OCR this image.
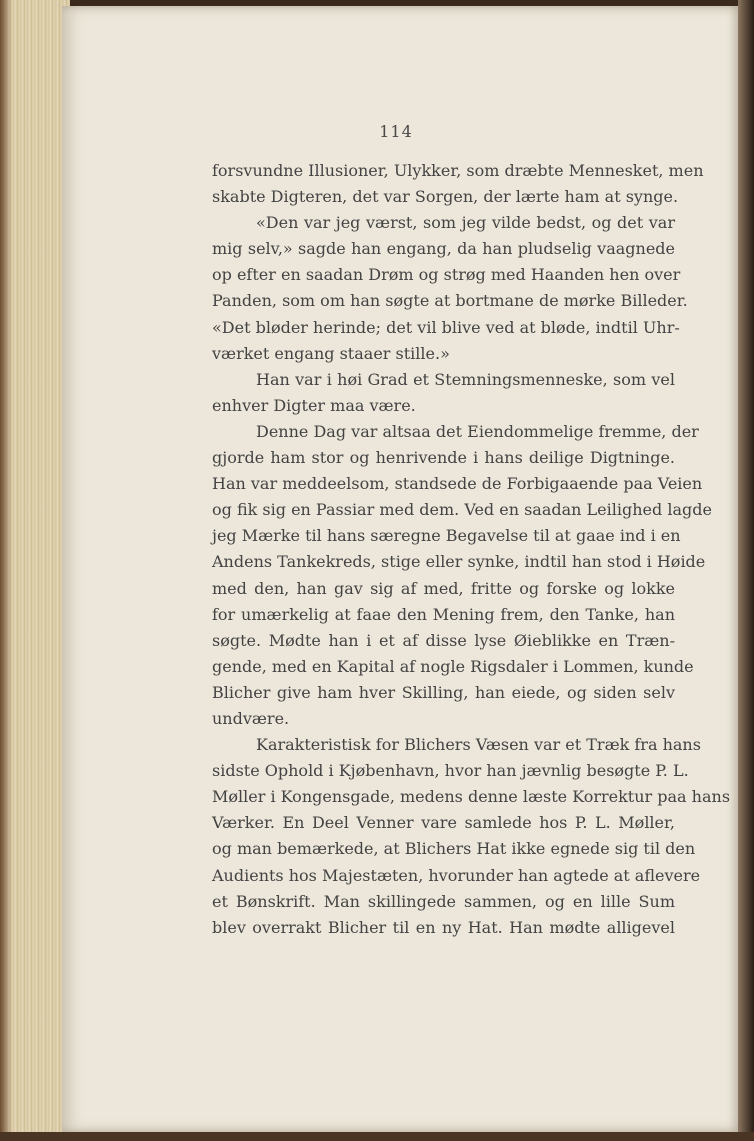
114
forsvundne Illusioner, Ulykker, som dræbte Mennesket, men
skabte Digteren, det var Sorgen, der lærte ham at synge.
«Den var jeg værst, som jeg vilde bedst, og det var
mig selv,» sagde han engang, da han pludselig vaagnede
op efter en saadan Drøm og strøg med Haanden hen over
Panden, som om han søgte at bortmane de mørke Billeder.
«Det bløder herinde; det vil blive ved at bløde, indtil Uhr-
værket engang staaer stille.»
Han var i høi Grad et Stemningsmenneske, som vel
enhver Digter maa være.
Denne Dag var altsaa det Eiendommelige fremme, der
gjorde ham stor og henrivende i hans deilige Digtninge.
Han var meddeelsom, standsede de Forbigaaende paa Veien
og fik sig en Passiar med dem. Ved en saadan Leilighed lagde
jeg Mærke til hans særegne Begavelse til at gaae ind i en
Andens Tankekreds, stige eller synke, indtil han stod i Høide
med den, han gav sig af med, fritte og forske og lokke
for umærkelig at faae den Mening frem, den Tanke, han
søgte. Mødte han i et af disse lyse Øieblikke en Træn-
gende, med en Kapital af nogle Rigsdaler i Lommen, kunde
Blicher give ham hver Skilling, han eiede, og siden selv
undvære.
Karakteristisk for Blichers Væsen var et Træk fra hans
sidste Ophold i Kjøbenhavn, hvor han jævnlig besøgte P. L.
Møller i Kongensgade, medens denne læste Korrektur paa hans
Værker. En Deel Venner vare samlede hos P. L. Møller,
og man bemærkede, at Blichers Hat ikke egnede sig til den
Audients hos Majestæten, hvorunder han agtede at aflevere
et Bønskrift. Man skillingede sammen, og en lille Sum
blev overrakt Blicher til en ny Hat. Han mødte alligevel
